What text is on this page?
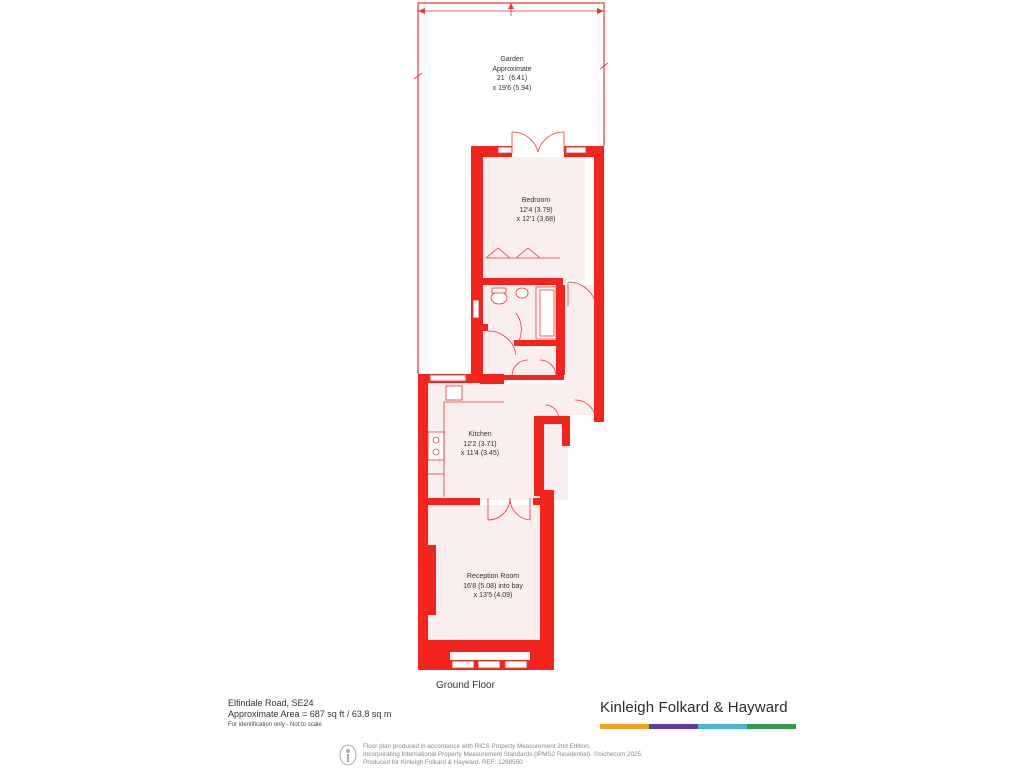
Garden
Approximate
21´ (6.41)
x 19'6 (5.94)
Bedroom
12'4 (3.79)
x 12'1 (3.68)
Kitchen
12'2 (3.71)
x 11'4 (3.45)
Reception Room
16'8 (5.08) into bay
x 13'5 (4.09)
Ground Floor
Elfindale Road, SE24
Approximate Area = 687 sq ft / 63.8 sq m
For identification only - Not to scale
Kinleigh Folkard & Hayward
Floor plan produced in accordance with RICS Property Measurement 2nd Edition,
Incorporating International Property Measurement Standards (IPMS2 Residential). ©nichecom 2025.
Produced for Kinleigh Folkard & Hayward. REF: 1288550
